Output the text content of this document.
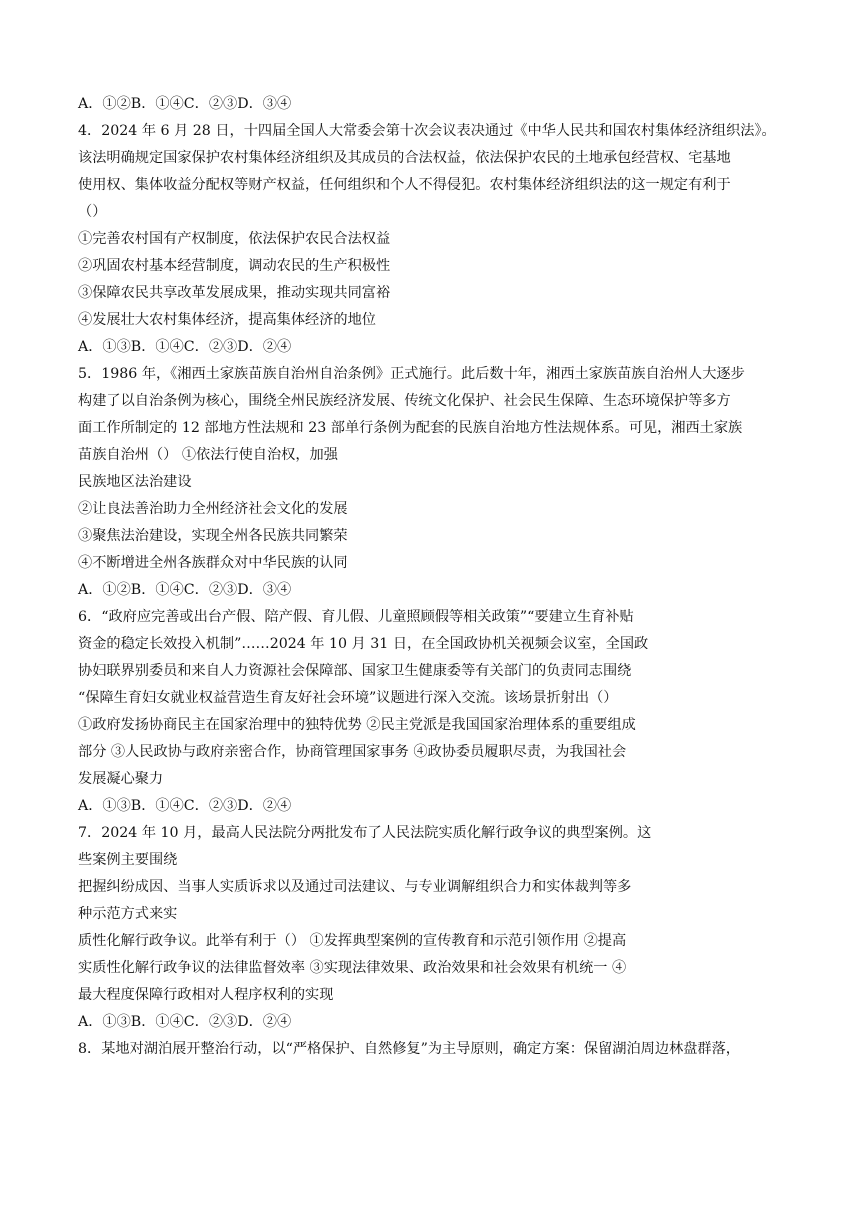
A．①②B．①④C．②③D．③④
4．2024 年 6 月 28 日，十四届全国人大常委会第十次会议表决通过《中华人民共和国农村集体经济组织法》。
该法明确规定国家保护农村集体经济组织及其成员的合法权益，依法保护农民的土地承包经营权、宅基地
使用权、集体收益分配权等财产权益，任何组织和个人不得侵犯。农村集体经济组织法的这一规定有利于
（）
①完善农村国有产权制度，依法保护农民合法权益
②巩固农村基本经营制度，调动农民的生产积极性
③保障农民共享改革发展成果，推动实现共同富裕
④发展壮大农村集体经济，提高集体经济的地位
A．①③B．①④C．②③D．②④
5．1986 年，《湘西土家族苗族自治州自治条例》正式施行。此后数十年，湘西土家族苗族自治州人大逐步
构建了以自治条例为核心，围绕全州民族经济发展、传统文化保护、社会民生保障、生态环境保护等多方
面工作所制定的 12 部地方性法规和 23 部单行条例为配套的民族自治地方性法规体系。可见，湘西土家族
苗族自治州（） ①依法行使自治权，加强
民族地区法治建设
②让良法善治助力全州经济社会文化的发展
③聚焦法治建设，实现全州各民族共同繁荣
④不断增进全州各族群众对中华民族的认同
A．①②B．①④C．②③D．③④
6．“政府应完善或出台产假、陪产假、育儿假、儿童照顾假等相关政策”“要建立生育补贴
资金的稳定长效投入机制”……2024 年 10 月 31 日，在全国政协机关视频会议室，全国政
协妇联界别委员和来自人力资源社会保障部、国家卫生健康委等有关部门的负责同志围绕
“保障生育妇女就业权益营造生育友好社会环境”议题进行深入交流。该场景折射出（）
①政府发扬协商民主在国家治理中的独特优势 ②民主党派是我国国家治理体系的重要组成
部分 ③人民政协与政府亲密合作，协商管理国家事务 ④政协委员履职尽责，为我国社会
发展凝心聚力
A．①③B．①④C．②③D．②④
7．2024 年 10 月，最高人民法院分两批发布了人民法院实质化解行政争议的典型案例。这
些案例主要围绕
把握纠纷成因、当事人实质诉求以及通过司法建议、与专业调解组织合力和实体裁判等多
种示范方式来实
质性化解行政争议。此举有利于（） ①发挥典型案例的宣传教育和示范引领作用 ②提高
实质性化解行政争议的法律监督效率 ③实现法律效果、政治效果和社会效果有机统一 ④
最大程度保障行政相对人程序权利的实现
A．①③B．①④C．②③D．②④
8．某地对湖泊展开整治行动，以“严格保护、自然修复”为主导原则，确定方案：保留湖泊周边林盘群落，
